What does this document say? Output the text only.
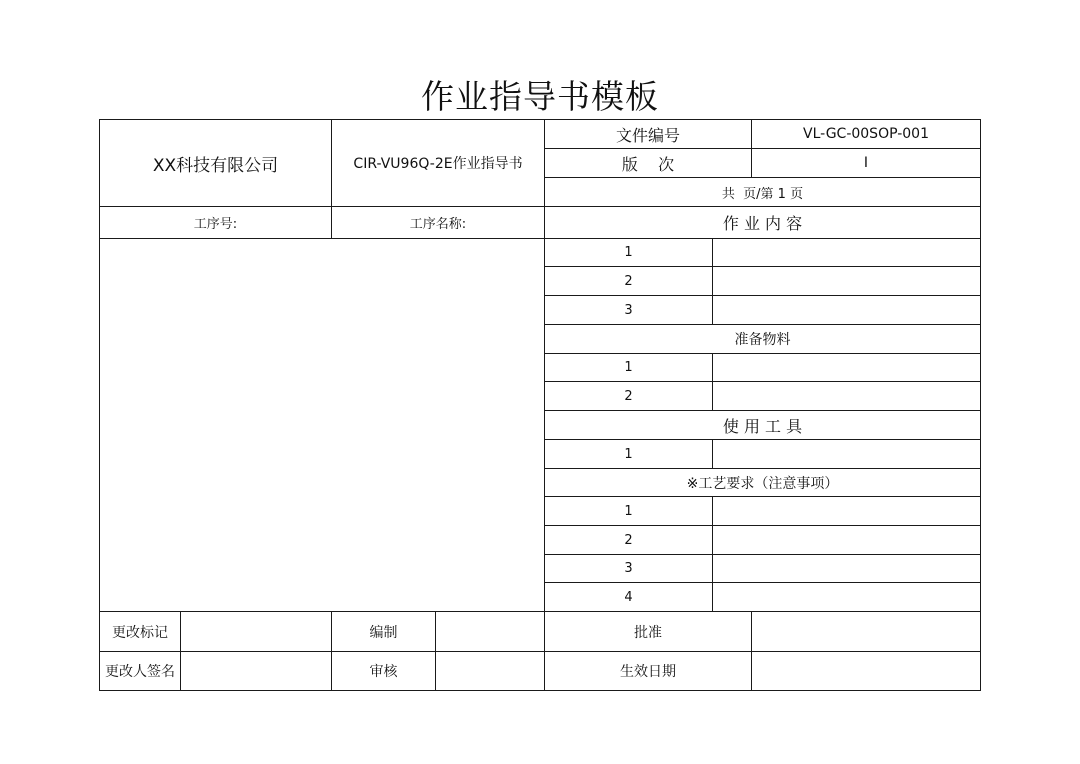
作业指导书模板
XX科技有限公司	CIR-VU96Q-2E作业指导书
文件编号	VL-GC-00SOP-001
版    次	I
共  页/第 1 页
工序号:	工序名称:	作 业 内 容
1
2
3
准备物料
1
2
使 用 工 具
1
※工艺要求（注意事项）
1
2
3
4
更改标记	编制	批准
更改人签名	审核	生效日期
